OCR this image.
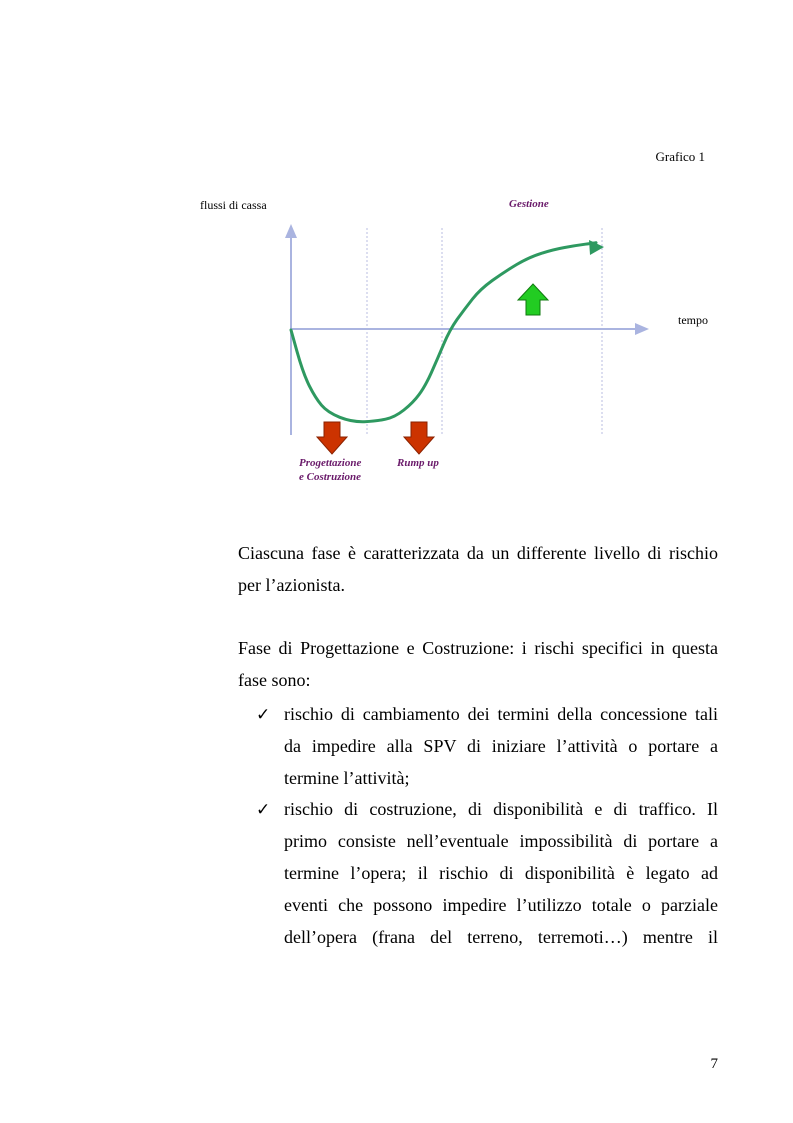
Grafico 1
flussi di cassa
tempo
Gestione
Progettazione
e Costruzione
Rump up
Ciascuna fase è caratterizzata da un differente livello di rischio
per l’azionista.
Fase di Progettazione e Costruzione: i rischi specifici in questa
fase sono:
✓ rischio di cambiamento dei termini della concessione tali
da impedire alla SPV di iniziare l’attività o portare a
termine l’attività;
✓ rischio di costruzione, di disponibilità e di traffico. Il
primo consiste nell’eventuale impossibilità di portare a
termine l’opera; il rischio di disponibilità è legato ad
eventi che possono impedire l’utilizzo totale o parziale
dell’opera (frana del terreno, terremoti…) mentre il
7
